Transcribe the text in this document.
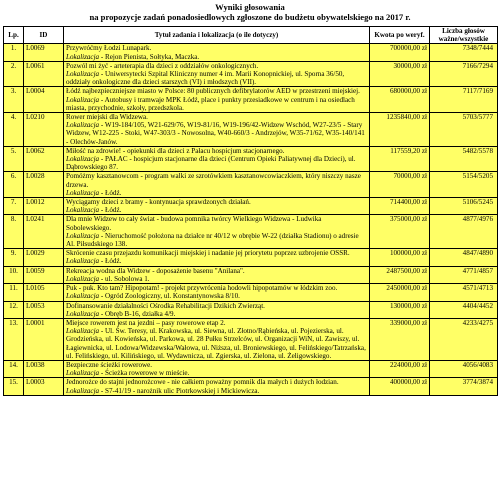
Wyniki głosowania
na propozycje zadań ponadosiedlowych zgłoszone do budżetu obywatelskiego na 2017 r.
Lp.	ID	Tytuł zadania i lokalizacja (o ile dotyczy)	Kwota po weryf.	Liczba głosów ważne/wszystkie
1.	L0069	Przywróćmy Łodzi Lunapark.
Lokalizacja - Rejon Pienista, Sołtyka, Maczka.	700000,00 zł	7348/7444
2.	L0061	Pozwól mi żyć - arteterapia dla dzieci z oddziałów onkologicznych.
Lokalizacja - Uniwersytecki Szpital Kliniczny numer 4 im. Marii Konopnickiej, ul. Sporna 36/50, oddziały onkologiczne dla dzieci starszych (VI) i młodszych (VII).	30000,00 zł	7166/7294
3.	L0004	Łódź najbezpieczniejsze miasto w Polsce: 80 publicznych defibrylatorów AED w przestrzeni miejskiej.
Lokalizacja - Autobusy i tramwaje MPK Łódź, place i punkty przesiadkowe w centrum i na osiedlach miasta, przychodnie, szkoły, przedszkola.	680000,00 zł	7117/7169
4.	L0210	Rower miejski dla Widzewa.
Lokalizacja - W19-184/105, W21-629/76, W19-81/16, W19-196/42-Widzew Wschód, W27-23/5 - Stary Widzew, W12-225 - Stoki, W47-303/3 - Nowosolna, W40-660/3 - Andrzejów, W35-71/62, W35-140/141 - Olechów-Janów.	1235840,00 zł	5703/5777
5.	L0062	Miłość na zdrowie! - opiekunki dla dzieci z Pałacu hospicjum stacjonarnego.
Lokalizacja - PAŁAC - hospicjum stacjonarne dla dzieci (Centrum Opieki Paliatywnej dla Dzieci), ul. Dąbrowskiego 87.	117559,20 zł	5482/5578
6.	L0028	Pomóżmy kasztanowcom - program walki ze szrotówkiem kasztanowcowiaczkiem, który niszczy nasze drzewa.
Lokalizacja - Łódź.	70000,00 zł	5154/5205
7.	L0012	Wyciągamy dzieci z bramy - kontynuacja sprawdzonych działań.
Lokalizacja - Łódź.	714400,00 zł	5106/5245
8.	L0241	Dla mnie Widzew to cały świat - budowa pomnika twórcy Wielkiego Widzewa - Ludwika Sobolewskiego.
Lokalizacja - Nieruchomość położona na działce nr 40/12 w obrębie W-22 (działka Stadionu) o adresie Al. Piłsudskiego 138.	375000,00 zł	4877/4976
9.	L0029	Skrócenie czasu przejazdu komunikacji miejskiej i nadanie jej priorytetu poprzez uzbrojenie OSSR.
Lokalizacja - Łódź.	100000,00 zł	4847/4890
10.	L0059	Rekreacja wodna dla Widzew - doposażenie basenu "Anilana".
Lokalizacja - ul. Sobolowa 1.	2487500,00 zł	4771/4857
11.	L0105	Puk - puk. Kto tam? Hipopotam! - projekt przywrócenia hodowli hipopotamów w łódzkim zoo.
Lokalizacja - Ogród Zoologiczny, ul. Konstantynowska 8/10.	2450000,00 zł	4571/4713
12.	L0053	Dofinansowanie działalności Ośrodka Rehabilitacji Dzikich Zwierząt.
Lokalizacja - Obręb B-16, działka 4/9.	130000,00 zł	4404/4452
13.	L0001	Miejsce rowerem jest na jezdni – pasy rowerowe etap 2.
Lokalizacja - Ul. Św. Teresy, ul. Krakowska, ul. Siewna, ul. Złotno/Rąbieńska, ul. Pojezierska, ul. Grodzieńska, ul. Kowieńska, ul. Parkowa, ul. 28 Pułku Strzelców, ul. Organizacji WiN, ul. Zawiszy, ul. Łagiewnicka, ul. Lodowa/Widzewska/Wałowa, ul. Niższa, ul. Broniewskiego, ul. Felińskiego/Tatrzańska, ul. Felińskiego, ul. Kilińskiego, ul. Wydawnicza, ul. Zgierska, ul. Zielona, ul. Żeligowskiego.	339000,00 zł	4233/4275
14.	L0038	Bezpieczne ścieżki rowerowe.
Lokalizacja - Ścieżka rowerowe w mieście.	224000,00 zł	4056/4083
15.	L0003	Jednorożce do stajni jednorożcowe - nie całkiem poważny pomnik dla małych i dużych łodzian.
Lokalizacja - S7-41/19 - narożnik ulic Piotrkowskiej i Mickiewicza.	400000,00 zł	3774/3874
